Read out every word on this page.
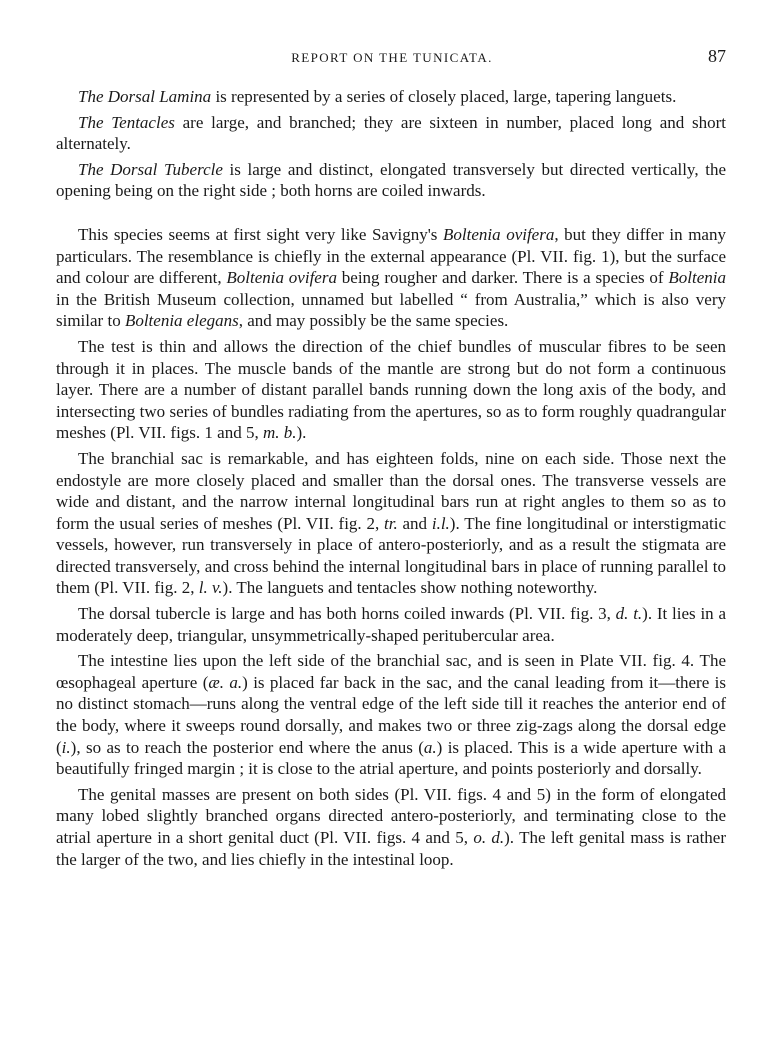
REPORT ON THE TUNICATA.	87

The Dorsal Lamina is represented by a series of closely placed, large, tapering languets.

The Tentacles are large, and branched; they are sixteen in number, placed long and short alternately.

The Dorsal Tubercle is large and distinct, elongated transversely but directed vertically, the opening being on the right side ; both horns are coiled inwards.

This species seems at first sight very like Savigny's Boltenia ovifera, but they differ in many particulars. The resemblance is chiefly in the external appearance (Pl. VII. fig. 1), but the surface and colour are different, Boltenia ovifera being rougher and darker. There is a species of Boltenia in the British Museum collection, unnamed but labelled “ from Australia,” which is also very similar to Boltenia elegans, and may possibly be the same species.

The test is thin and allows the direction of the chief bundles of muscular fibres to be seen through it in places. The muscle bands of the mantle are strong but do not form a continuous layer. There are a number of distant parallel bands running down the long axis of the body, and intersecting two series of bundles radiating from the apertures, so as to form roughly quadrangular meshes (Pl. VII. figs. 1 and 5, m. b.).

The branchial sac is remarkable, and has eighteen folds, nine on each side. Those next the endostyle are more closely placed and smaller than the dorsal ones. The transverse vessels are wide and distant, and the narrow internal longitudinal bars run at right angles to them so as to form the usual series of meshes (Pl. VII. fig. 2, tr. and i.l.). The fine longitudinal or interstigmatic vessels, however, run transversely in place of antero-posteriorly, and as a result the stigmata are directed transversely, and cross behind the internal longitudinal bars in place of running parallel to them (Pl. VII. fig. 2, l. v.). The languets and tentacles show nothing noteworthy.

The dorsal tubercle is large and has both horns coiled inwards (Pl. VII. fig. 3, d. t.). It lies in a moderately deep, triangular, unsymmetrically-shaped peritubercular area.

The intestine lies upon the left side of the branchial sac, and is seen in Plate VII. fig. 4. The œsophageal aperture (æ. a.) is placed far back in the sac, and the canal leading from it—there is no distinct stomach—runs along the ventral edge of the left side till it reaches the anterior end of the body, where it sweeps round dorsally, and makes two or three zig-zags along the dorsal edge (i.), so as to reach the posterior end where the anus (a.) is placed. This is a wide aperture with a beautifully fringed margin ; it is close to the atrial aperture, and points posteriorly and dorsally.

The genital masses are present on both sides (Pl. VII. figs. 4 and 5) in the form of elongated many lobed slightly branched organs directed antero-posteriorly, and terminating close to the atrial aperture in a short genital duct (Pl. VII. figs. 4 and 5, o. d.). The left genital mass is rather the larger of the two, and lies chiefly in the intestinal loop.
